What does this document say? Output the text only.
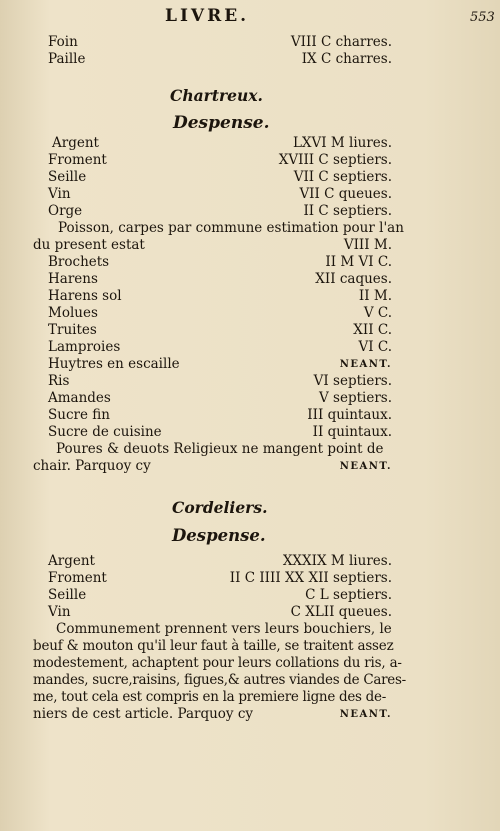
LIVRE.	553
Foin	VIII C charres.
Paille	IX C charres.
Chartreux.
Despense.
Argent	LXVI M liures.
Froment	XVIII C septiers.
Seille	VII C septiers.
Vin	VII C queues.
Orge	II C septiers.
Poisson, carpes par commune estimation pour l'an
du present estat	VIII M.
Brochets	II M VI C.
Harens	XII caques.
Harens sol	II M.
Molues	V C.
Truites	XII C.
Lamproies	VI C.
Huytres en escaille	NEANT.
Ris	VI septiers.
Amandes	V septiers.
Sucre fin	III quintaux.
Sucre de cuisine	II quintaux.
Poures & deuots Religieux ne mangent point de
chair. Parquoy cy	NEANT.
Cordeliers.
Despense.
Argent	XXXIX M liures.
Froment	II C IIII XX XII septiers.
Seille	C L septiers.
Vin	C XLII queues.
Communement prennent vers leurs bouchiers, le
beuf & mouton qu'il leur faut à taille, se traitent assez
modestement, achaptent pour leurs collations du ris, a-
mandes, sucre,raisins, figues,& autres viandes de Cares-
me, tout cela est compris en la premiere ligne des de-
niers de cest article. Parquoy cy	NEANT.
